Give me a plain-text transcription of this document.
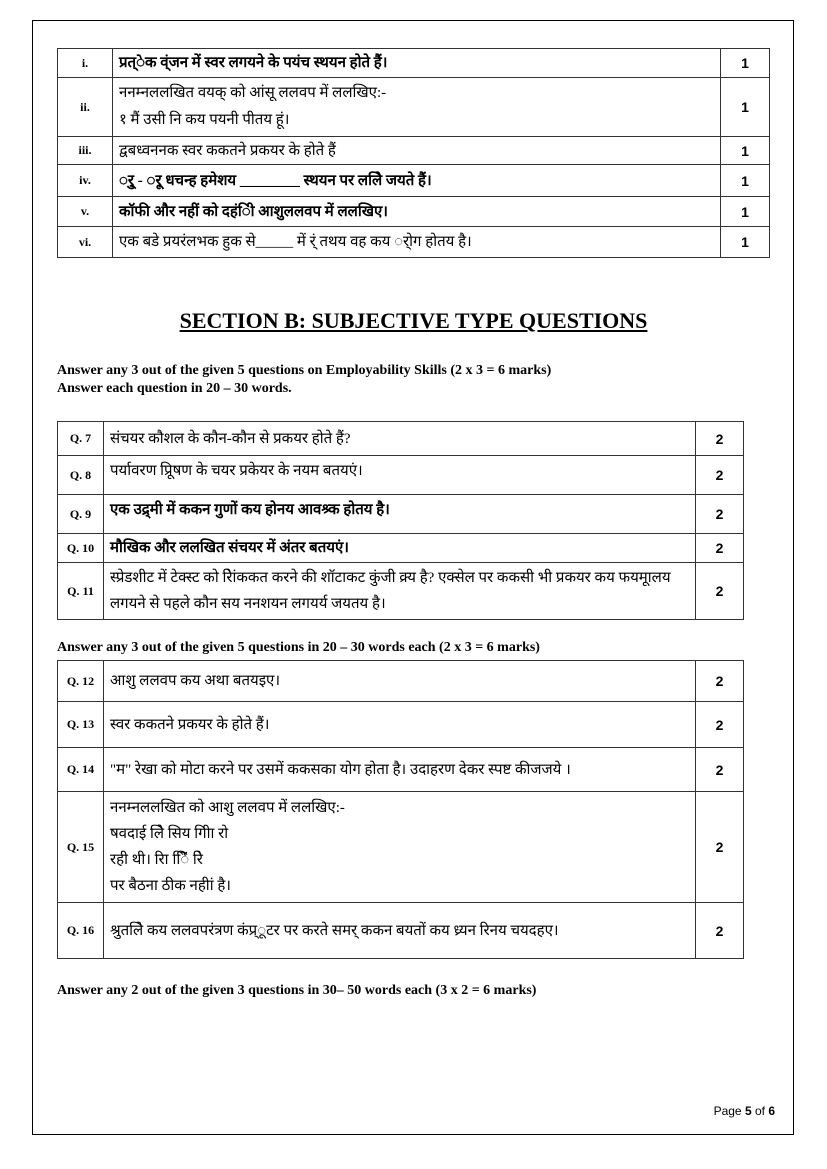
i.	प्रत्ेक व्ंजन में स्वर लगयने के पयंच स्थयन होते हैं।	1
ii.	ननम्नललखित वयक् को आंसू ललवप में ललखिए:-
१ मैं उसी नि कय पयनी पीतय हूं।	1
iii.	द्वबध्वननक स्वर ककतने प्रकयर के होते हैं	1
iv.	र्ु - र्ू धचन्ह हमेशय ________ स्थयन पर ललिे जयते हैं।	1
v.	कॉफी और नहीं को दहंिी आशुललवप में ललखिए।	1
vi.	एक बडे प्रयरंलभक हुक से_____ में र्ं तथय वह कय र्ोग होतय है।	1
SECTION B: SUBJECTIVE TYPE QUESTIONS
Answer any 3 out of the given 5 questions on Employability Skills (2 x 3 = 6 marks)
Answer each question in 20 – 30 words.
Q. 7	संचयर कौशल के कौन-कौन से प्रकयर होते हैं?	2
Q. 8	पर्यावरण प्रिूषण के चयर प्रकेयर के नयम बतयएं।	2
Q. 9	एक उद्र्मी में ककन गुणों कय होनय आवश्र्क होतय है।	2
Q. 10	मौखिक और ललखित संचयर में अंतर बतयएं।	2
Q. 11	स्प्रेडशीट में टेक्स्ट को रेिांककत करने की शॉटाकट कुंजी क्र्य है? एक्सेल पर ककसी भी प्रकयर कय फयमूालय लगयने से पहले कौन सय ननशयन लगयर्य जयतय है।	2
Answer any 3 out of the given 5 questions in 20 – 30 words each (2 x 3 = 6 marks)
Q. 12	आशु ललवप कय अथा बतयइए।	2
Q. 13	स्वर ककतने प्रकयर के होते हैं।	2
Q. 14	"म" रेखा को मोटा करने पर उसमें ककसका योग होता है। उदाहरण देकर स्पष्ट कीजजये ।	2
Q. 15	ननम्नललखित को आशु ललवप में ललखिए:-
षवदाई लेिे सिय गीिा रो
रही थी। राि िेिें रेि
पर बैठना ठीक नहीां है।	2
Q. 16	श्रुतलेि कय ललवपरंत्रण कंप्र्ूटर पर करते समर् ककन बयतों कय ध्र्यन रिनय चयदहए।	2
Answer any 2 out of the given 3 questions in 30– 50 words each (3 x 2 = 6 marks)
Page 5 of 6
